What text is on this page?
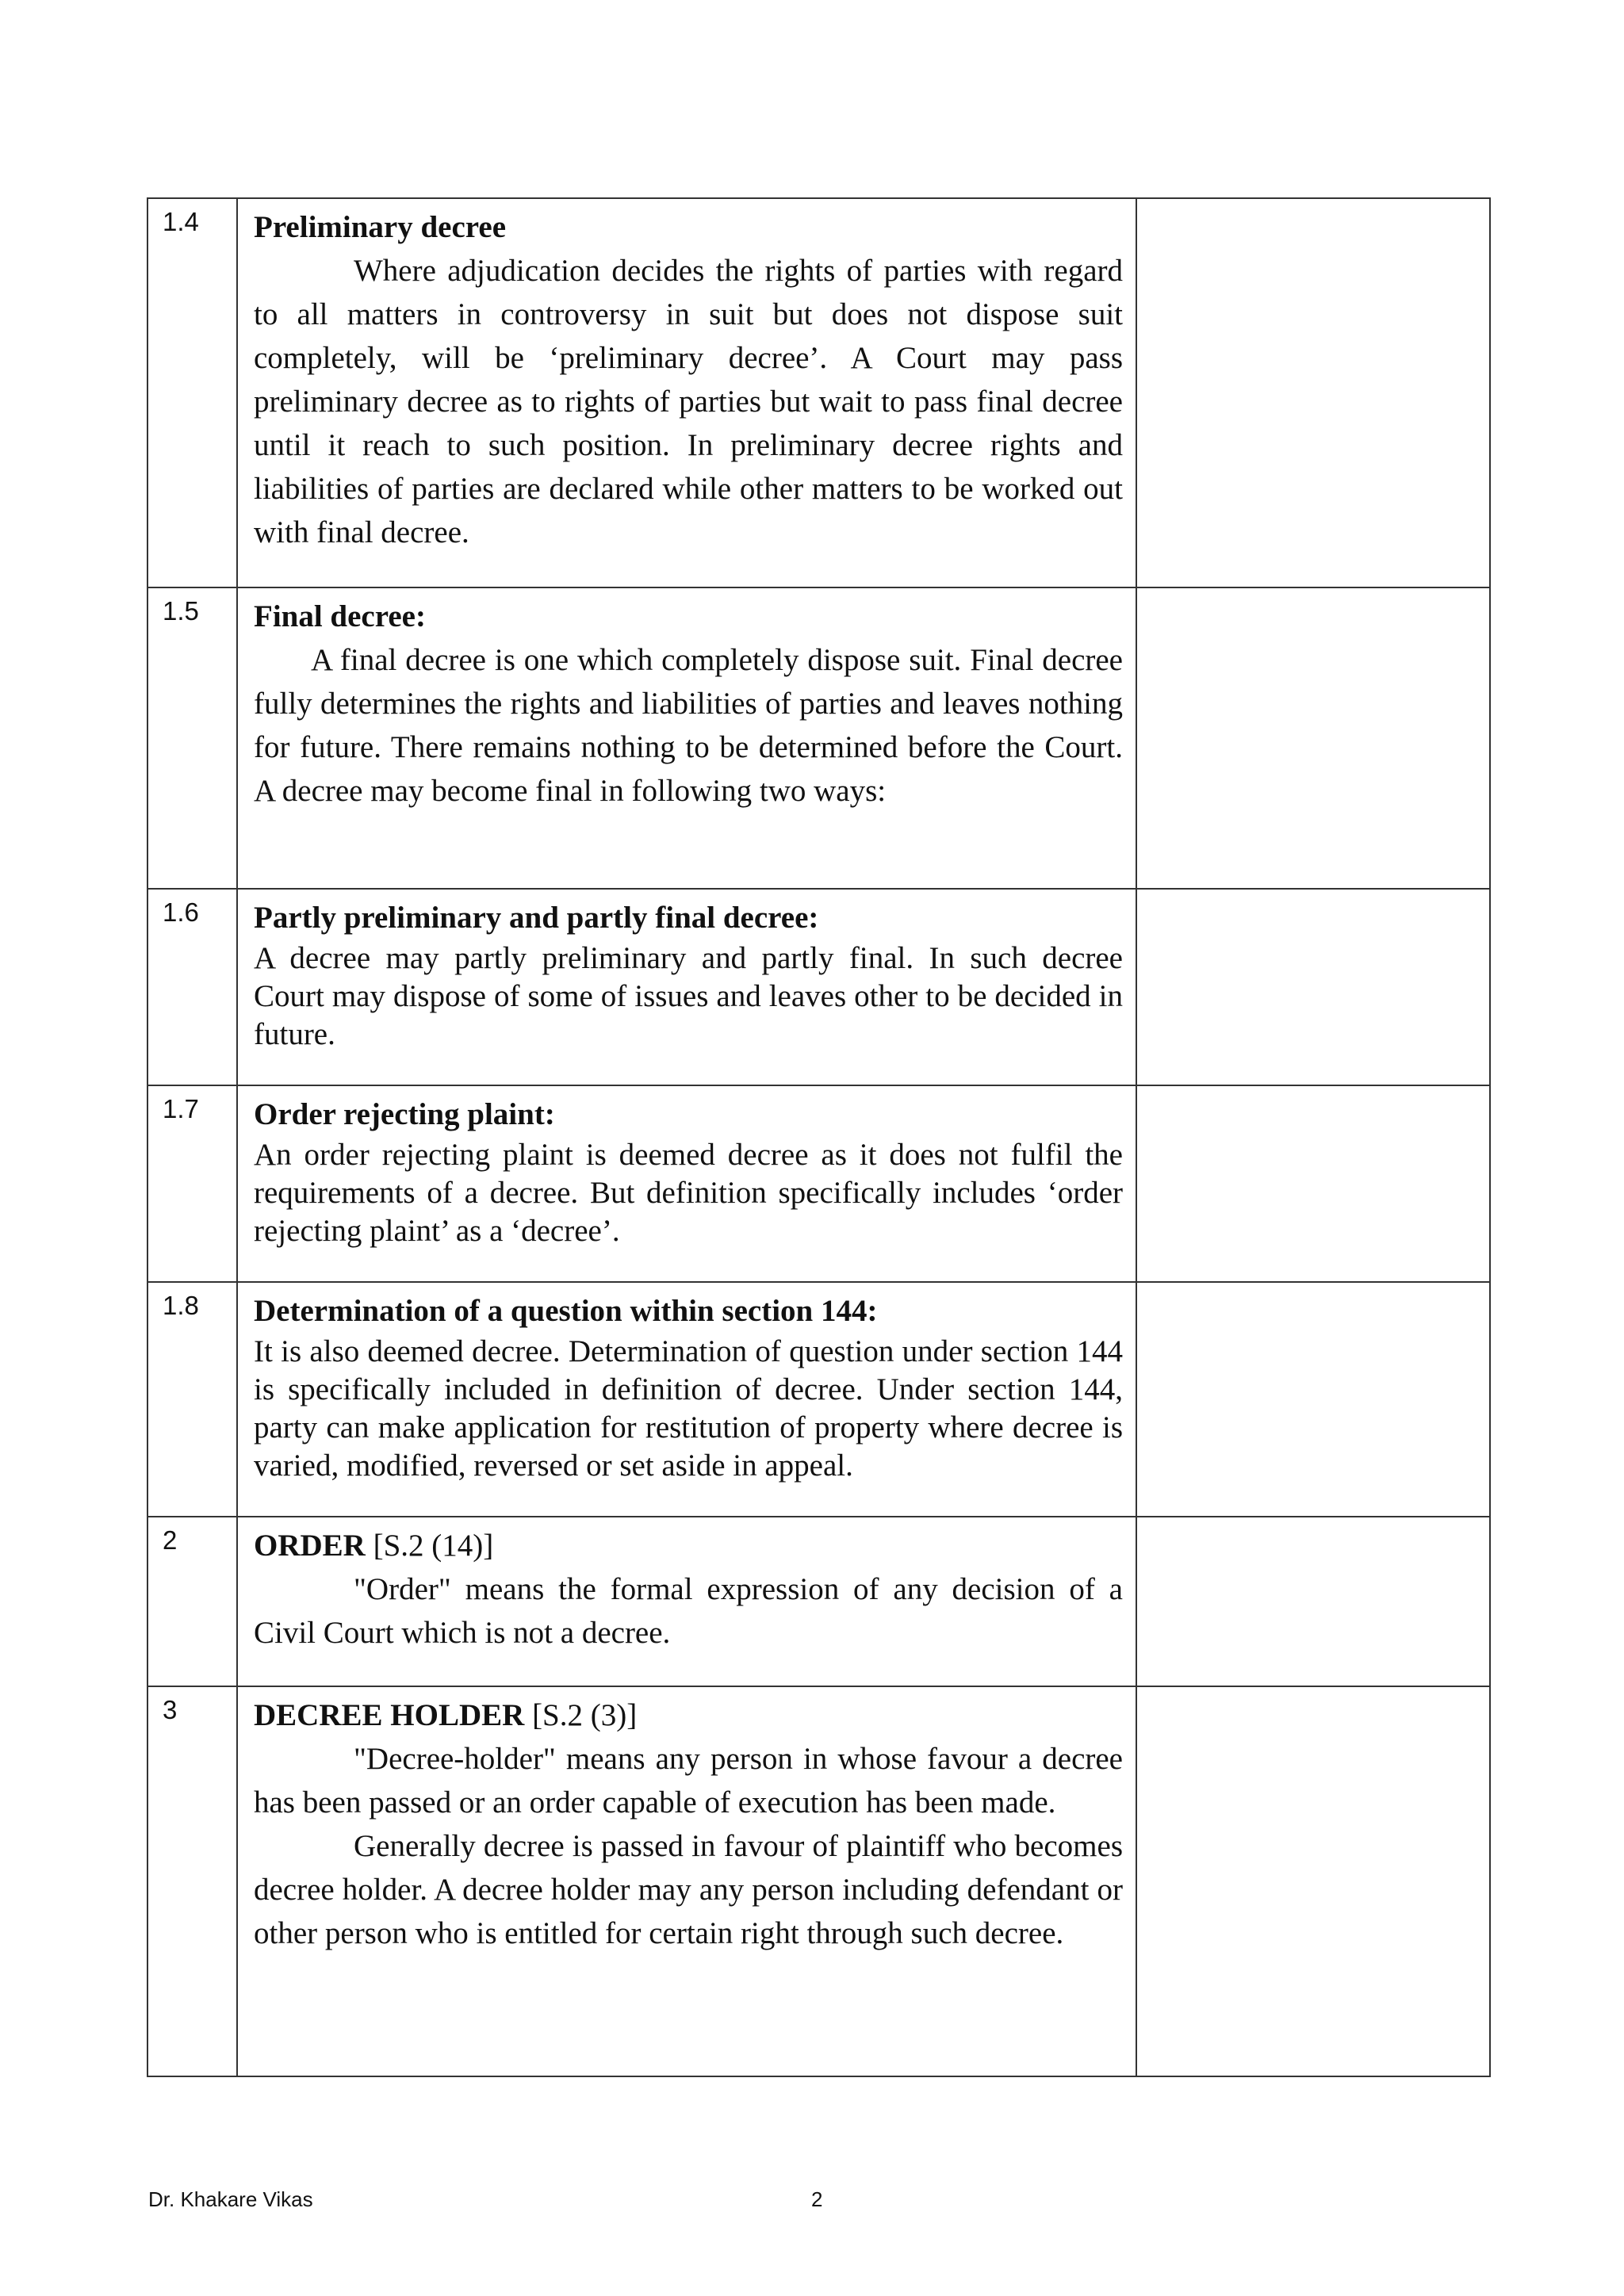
1.4	Preliminary decree

Where adjudication decides the rights of parties with regard to all matters in controversy in suit but does not dispose suit completely, will be ‘preliminary decree’. A Court may pass preliminary decree as to rights of parties but wait to pass final decree until it reach to such position. In preliminary decree rights and liabilities of parties are declared while other matters to be worked out with final decree.	

1.5	Final decree:

A final decree is one which completely dispose suit. Final decree fully determines the rights and liabilities of parties and leaves nothing for future. There remains nothing to be determined before the Court. A decree may become final in following two ways:	

1.6	Partly preliminary and partly final decree:

A decree may partly preliminary and partly final. In such decree Court may dispose of some of issues and leaves other to be decided in future.	

1.7	Order rejecting plaint:

An order rejecting plaint is deemed decree as it does not fulfil the requirements of a decree. But definition specifically includes ‘order rejecting plaint’ as a ‘decree’.	

1.8	Determination of a question within section 144:

It is also deemed decree. Determination of question under section 144 is specifically included in definition of decree. Under section 144, party can make application for restitution of property where decree is varied, modified, reversed or set aside in appeal.	

2	ORDER [S.2 (14)]

"Order" means the formal expression of any decision of a Civil Court which is not a decree.	

3	DECREE HOLDER [S.2 (3)]

"Decree-holder" means any person in whose favour a decree has been passed or an order capable of execution has been made.

Generally decree is passed in favour of plaintiff who becomes decree holder. A decree holder may any person including defendant or other person who is entitled for certain right through such decree.	

Dr. Khakare Vikas	2
